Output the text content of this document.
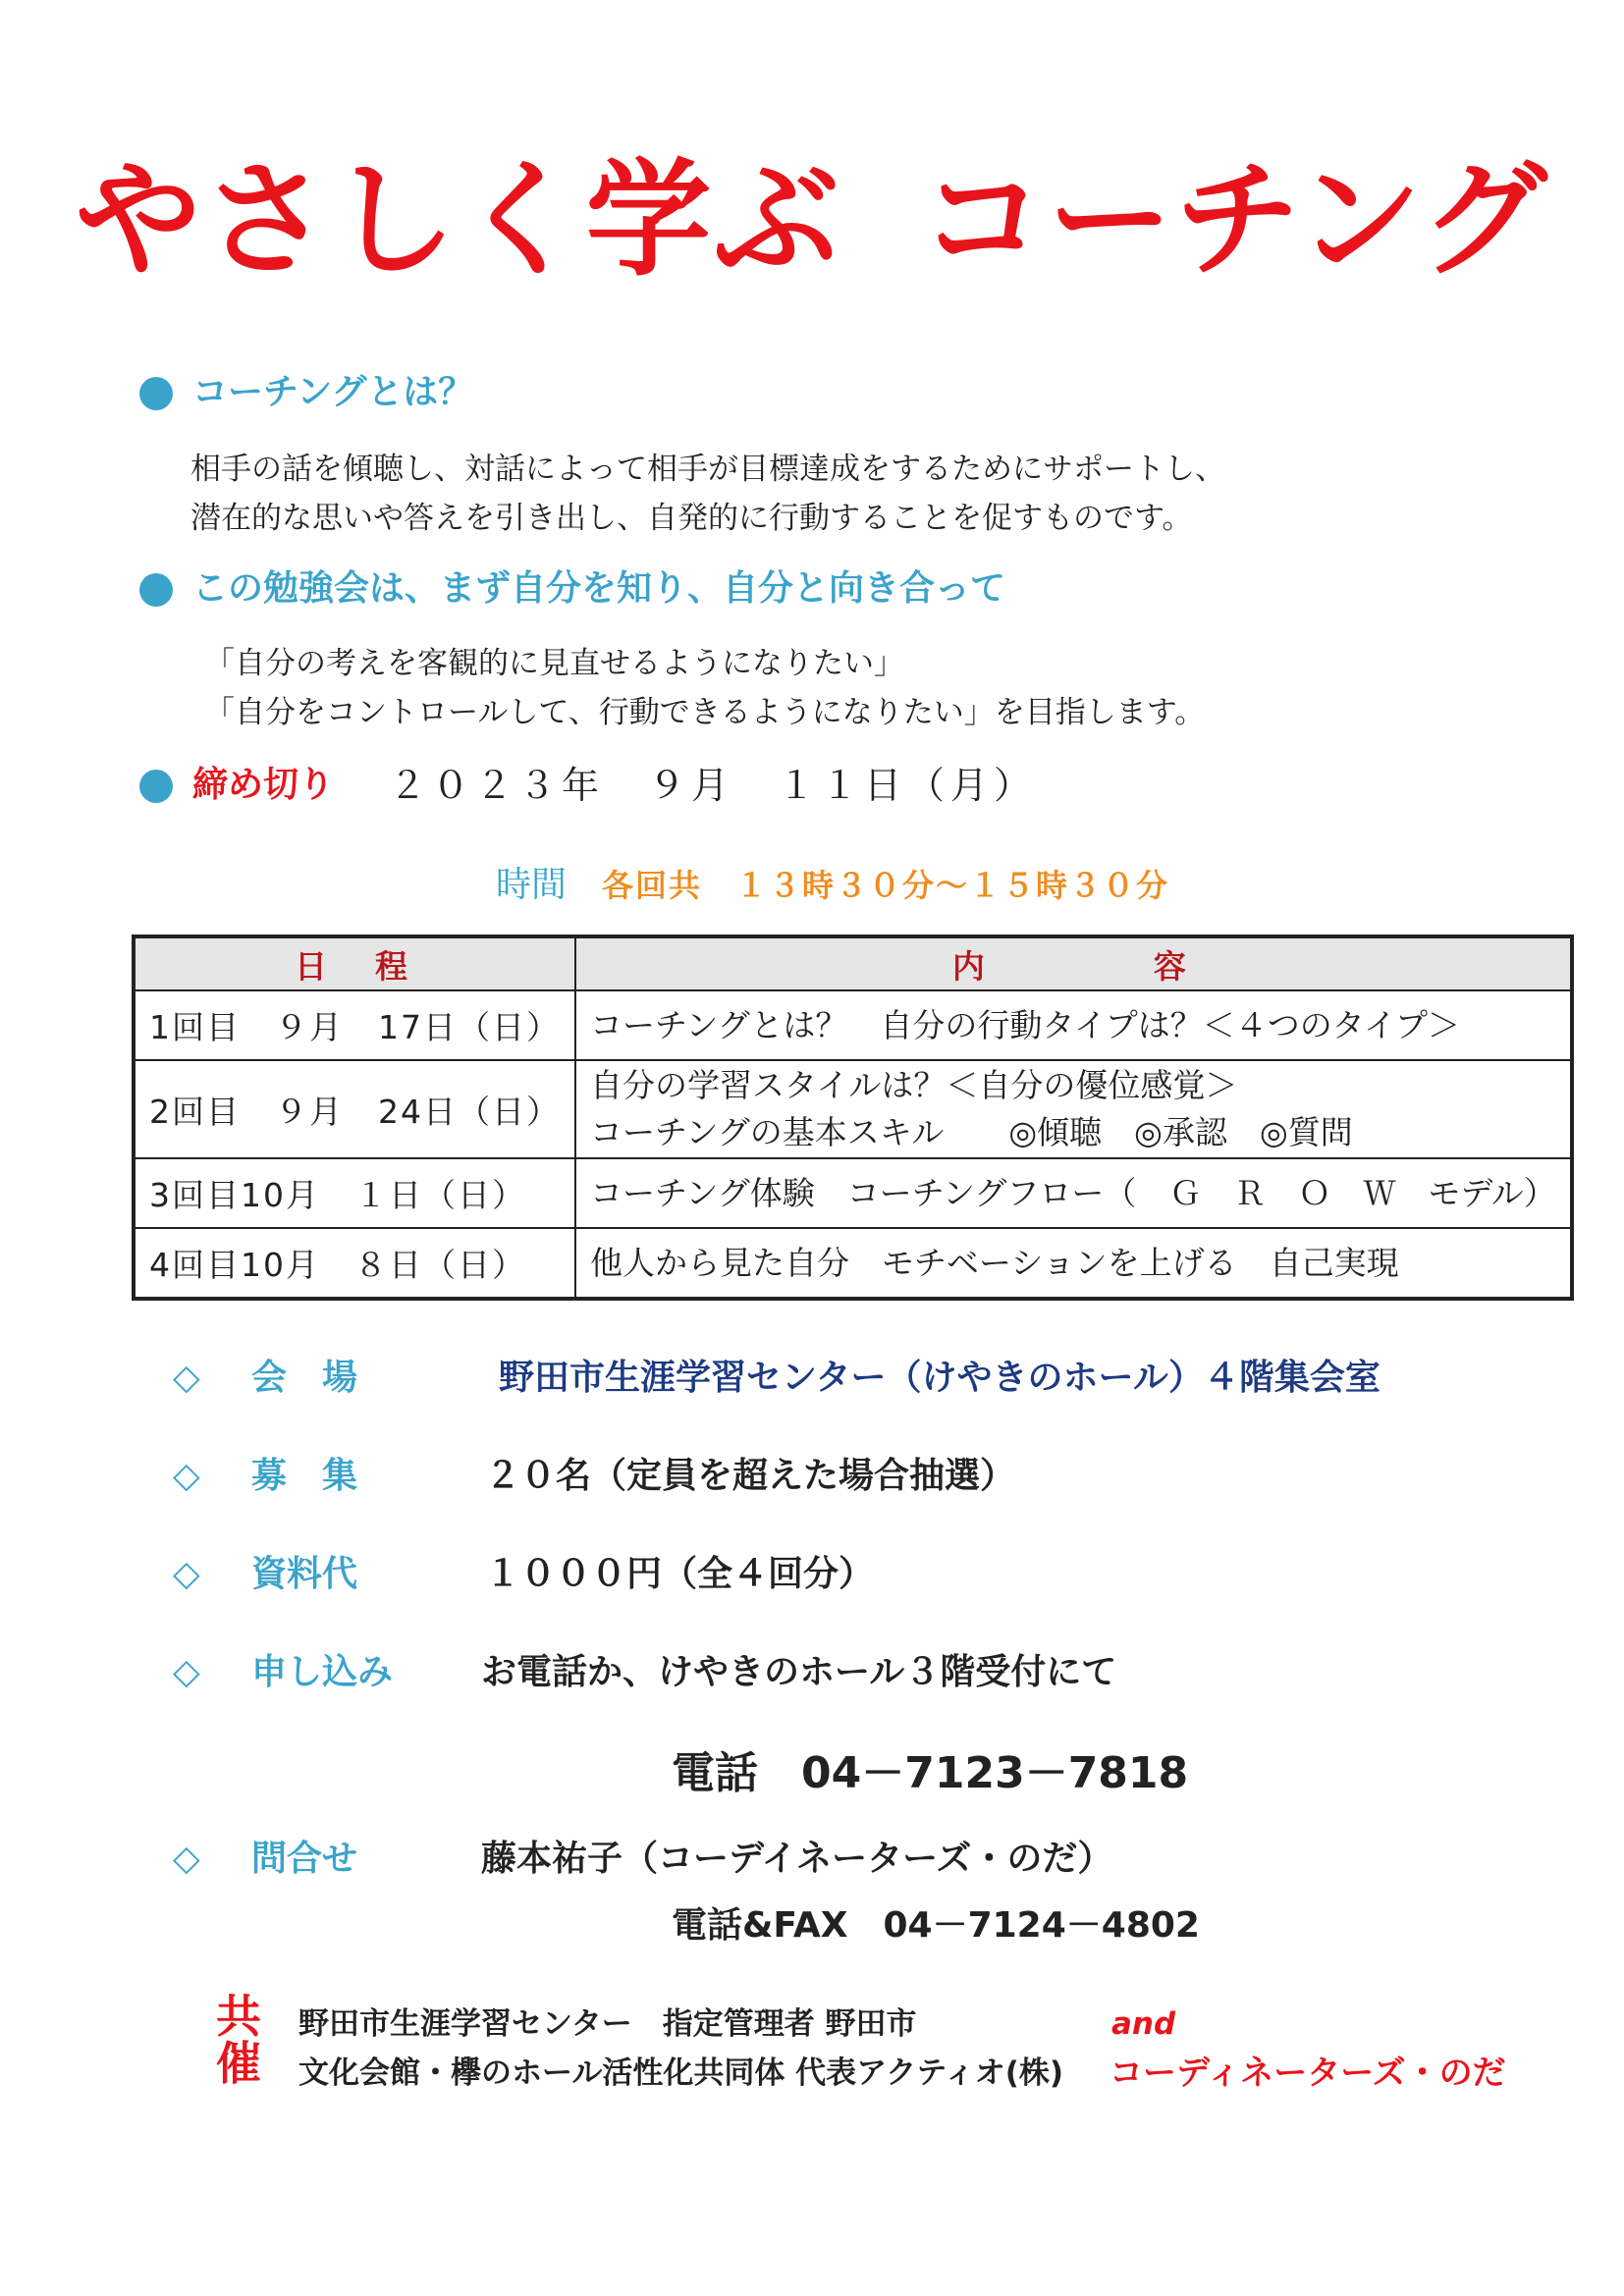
やさしく学ぶ コーチング
コーチングとは？
相手の話を傾聴し、対話によって相手が目標達成をするためにサポートし、
潜在的な思いや答えを引き出し、自発的に行動することを促すものです。
この勉強会は、まず自分を知り、自分と向き合って
「自分の考えを客観的に見直せるようになりたい」
「自分をコントロールして、行動できるようになりたい」を目指します。
締め切り ２０２３年　９月　１１日（月）
時間 各回共　１３時３０分～１５時３０分
日　程	内　　　　容
1回目　９月　17日（日）	コーチングとは？　自分の行動タイプは？＜４つのタイプ＞

2回目　９月　24日（日）	自分の学習スタイルは？＜自分の優位感覚＞
コーチングの基本スキル　　◎傾聴　◎承認　◎質問

3回目10月　１日（日）	コーチング体験　コーチングフロー（　Ｇ　Ｒ　Ｏ　Ｗ　モデル）

4回目10月　８日（日）	他人から見た自分　モチベーションを上げる　自己実現
◇ 会　場	野田市生涯学習センター（けやきのホール）４階集会室
◇ 募　集	２０名（定員を超えた場合抽選）
◇ 資料代	１０００円（全４回分）
◇ 申し込み お電話か、けやきのホール３階受付にて
電話　04－7123－7818
◇ 問合せ	藤本祐子（コーデイネーターズ・のだ）
電話&FAX　04－7124－4802
共催
野田市生涯学習センター　指定管理者 野田市
文化会館・欅のホール活性化共同体 代表アクティオ(株)
and
コーディネーターズ・のだ
